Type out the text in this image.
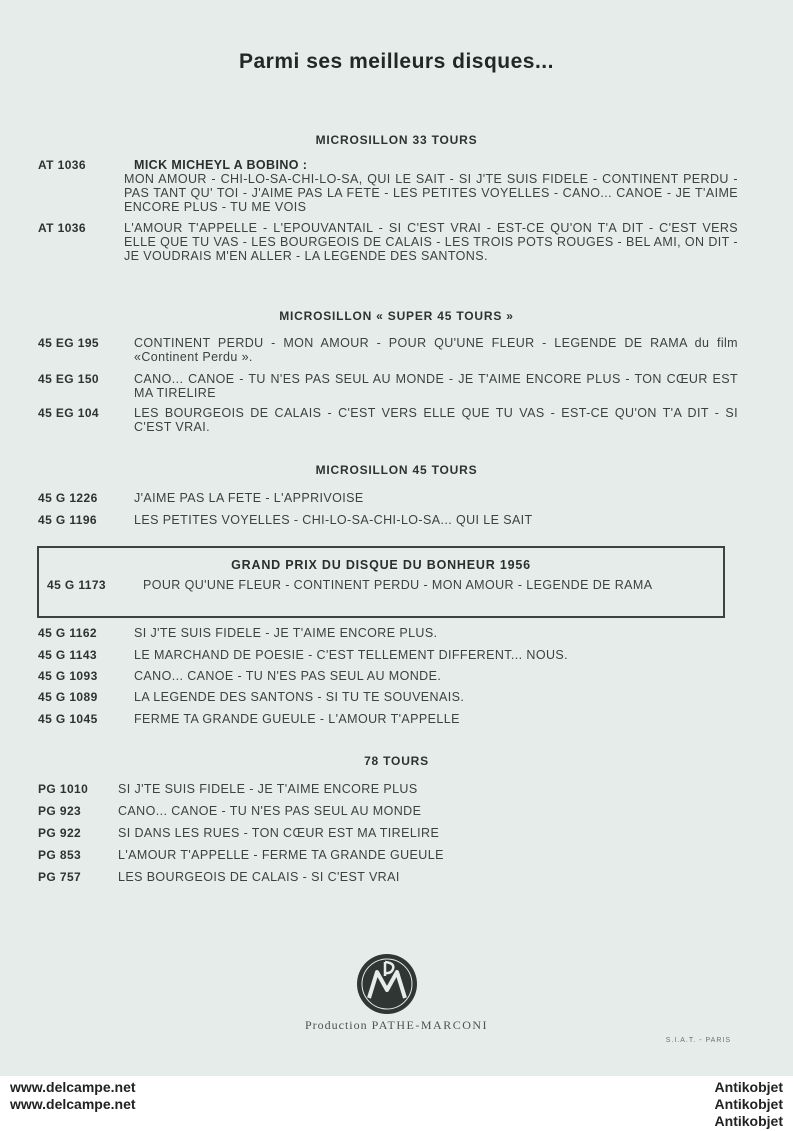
Parmi ses meilleurs disques...
MICROSILLON 33 TOURS
AT 1036	MICK MICHEYL A BOBINO :
MON AMOUR - CHI-LO-SA-CHI-LO-SA, QUI LE SAIT - SI J'TE SUIS FIDELE - CONTINENT PERDU - PAS TANT QU' TOI - J'AIME PAS LA FETE - LES PETITES VOYELLES - CANO... CANOE - JE T'AIME ENCORE PLUS - TU ME VOIS
AT 1036	L'AMOUR T'APPELLE - L'EPOUVANTAIL - SI C'EST VRAI - EST-CE QU'ON T'A DIT - C'EST VERS ELLE QUE TU VAS - LES BOURGEOIS DE CALAIS - LES TROIS POTS ROUGES - BEL AMI, ON DIT - JE VOUDRAIS M'EN ALLER - LA LEGENDE DES SANTONS.
MICROSILLON « SUPER 45 TOURS »
45 EG 195	CONTINENT PERDU - MON AMOUR - POUR QU'UNE FLEUR - LEGENDE DE RAMA du film «Continent Perdu ».
45 EG 150	CANO... CANOE - TU N'ES PAS SEUL AU MONDE - JE T'AIME ENCORE PLUS - TON CŒUR EST MA TIRELIRE
45 EG 104	LES BOURGEOIS DE CALAIS - C'EST VERS ELLE QUE TU VAS - EST-CE QU'ON T'A DIT - SI C'EST VRAI.
MICROSILLON 45 TOURS
45 G 1226	J'AIME PAS LA FETE - L'APPRIVOISE
45 G 1196	LES PETITES VOYELLES - CHI-LO-SA-CHI-LO-SA... QUI LE SAIT
GRAND PRIX DU DISQUE DU BONHEUR 1956
45 G 1173	POUR QU'UNE FLEUR - CONTINENT PERDU - MON AMOUR - LEGENDE DE RAMA
45 G 1162	SI J'TE SUIS FIDELE - JE T'AIME ENCORE PLUS.
45 G 1143	LE MARCHAND DE POESIE - C'EST TELLEMENT DIFFERENT... NOUS.
45 G 1093	CANO... CANOE - TU N'ES PAS SEUL AU MONDE.
45 G 1089	LA LEGENDE DES SANTONS - SI TU TE SOUVENAIS.
45 G 1045	FERME TA GRANDE GUEULE - L'AMOUR T'APPELLE
78 TOURS
PG 1010	SI J'TE SUIS FIDELE - JE T'AIME ENCORE PLUS
PG 923	CANO... CANOE - TU N'ES PAS SEUL AU MONDE
PG 922	SI DANS LES RUES - TON CŒUR EST MA TIRELIRE
PG 853	L'AMOUR T'APPELLE - FERME TA GRANDE GUEULE
PG 757	LES BOURGEOIS DE CALAIS - SI C'EST VRAI
Production PATHE-MARCONI
S.I.A.T. - PARIS
www.delcampe.net
www.delcampe.net
Antikobjet
Antikobjet
Antikobjet
